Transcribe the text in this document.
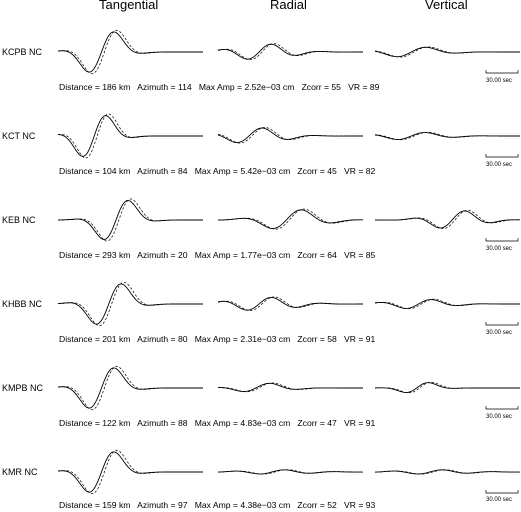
Tangential	Radial	Vertical
KCPB NC
Distance = 186 km Azimuth = 114 Max Amp = 2.52e−03 cm Zcorr = 55 VR = 89
30.00 sec
KCT NC
Distance = 104 km Azimuth = 84 Max Amp = 5.42e−03 cm Zcorr = 45 VR = 82
30.00 sec
KEB NC
Distance = 293 km Azimuth = 20 Max Amp = 1.77e−03 cm Zcorr = 64 VR = 85
30.00 sec
KHBB NC
Distance = 201 km Azimuth = 80 Max Amp = 2.31e−03 cm Zcorr = 58 VR = 91
30.00 sec
KMPB NC
Distance = 122 km Azimuth = 88 Max Amp = 4.83e−03 cm Zcorr = 47 VR = 91
30.00 sec
KMR NC
Distance = 159 km Azimuth = 97 Max Amp = 4.38e−03 cm Zcorr = 52 VR = 93	30.00 sec
